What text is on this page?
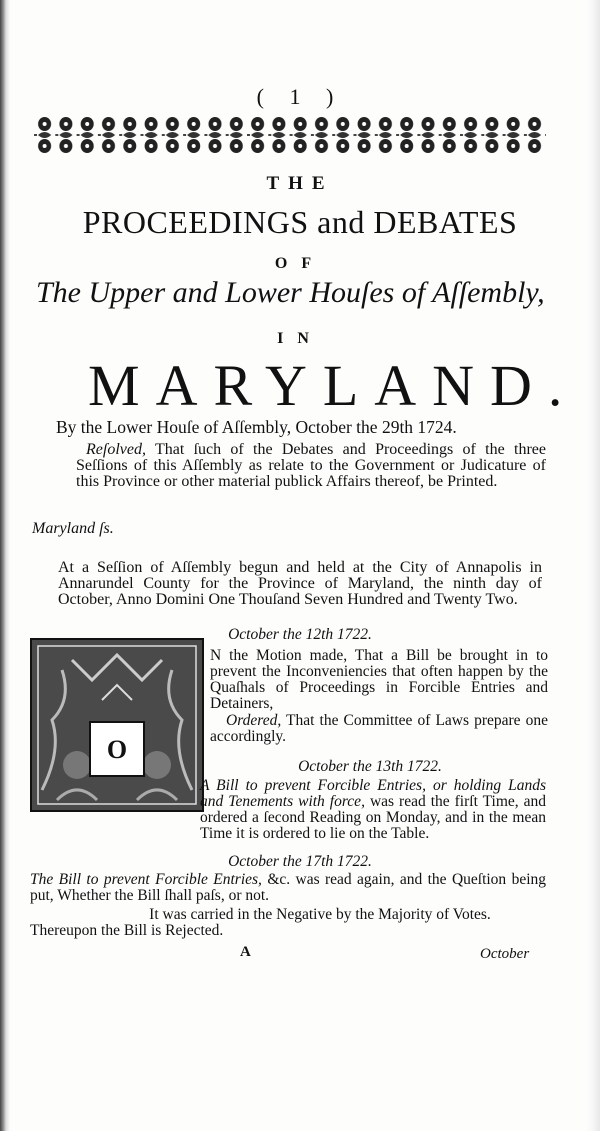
( 1 )
THE
PROCEEDINGS and DEBATES
OF
The Upper and Lower Houſes of Aſſembly,
IN
MARYLAND.
By the Lower Houſe of Aſſembly, October the 29th 1724.

Reſolved, That ſuch of the Debates and Proceedings of the three Seſſions of this Aſſembly as relate to the Government or Judicature of this Province or other material publick Affairs thereof, be Printed.

Maryland ſs.

At a Seſſion of Aſſembly begun and held at the City of Annapolis in Annarundel County for the Province of Maryland, the ninth day of October, Anno Domini One Thouſand Seven Hundred and Twenty Two.

October the 12th 1722.
O

N the Motion made, That a Bill be brought in to prevent the Inconveniencies that often happen by the Quaſhals of Proceedings in Forcible Entries and Detainers,

Ordered, That the Committee of Laws prepare one accordingly.

October the 13th 1722.

A Bill to prevent Forcible Entries, or holding Lands and Tenements with force, was read the firſt Time, and ordered a ſecond Reading on Monday, and in the mean Time it is ordered to lie on the Table.

October the 17th 1722.

The Bill to prevent Forcible Entries, &c. was read again, and the Queſtion being put, Whether the Bill ſhall paſs, or not.

It was carried in the Negative by the Majority of Votes.
Thereupon the Bill is Rejected.
A	October
